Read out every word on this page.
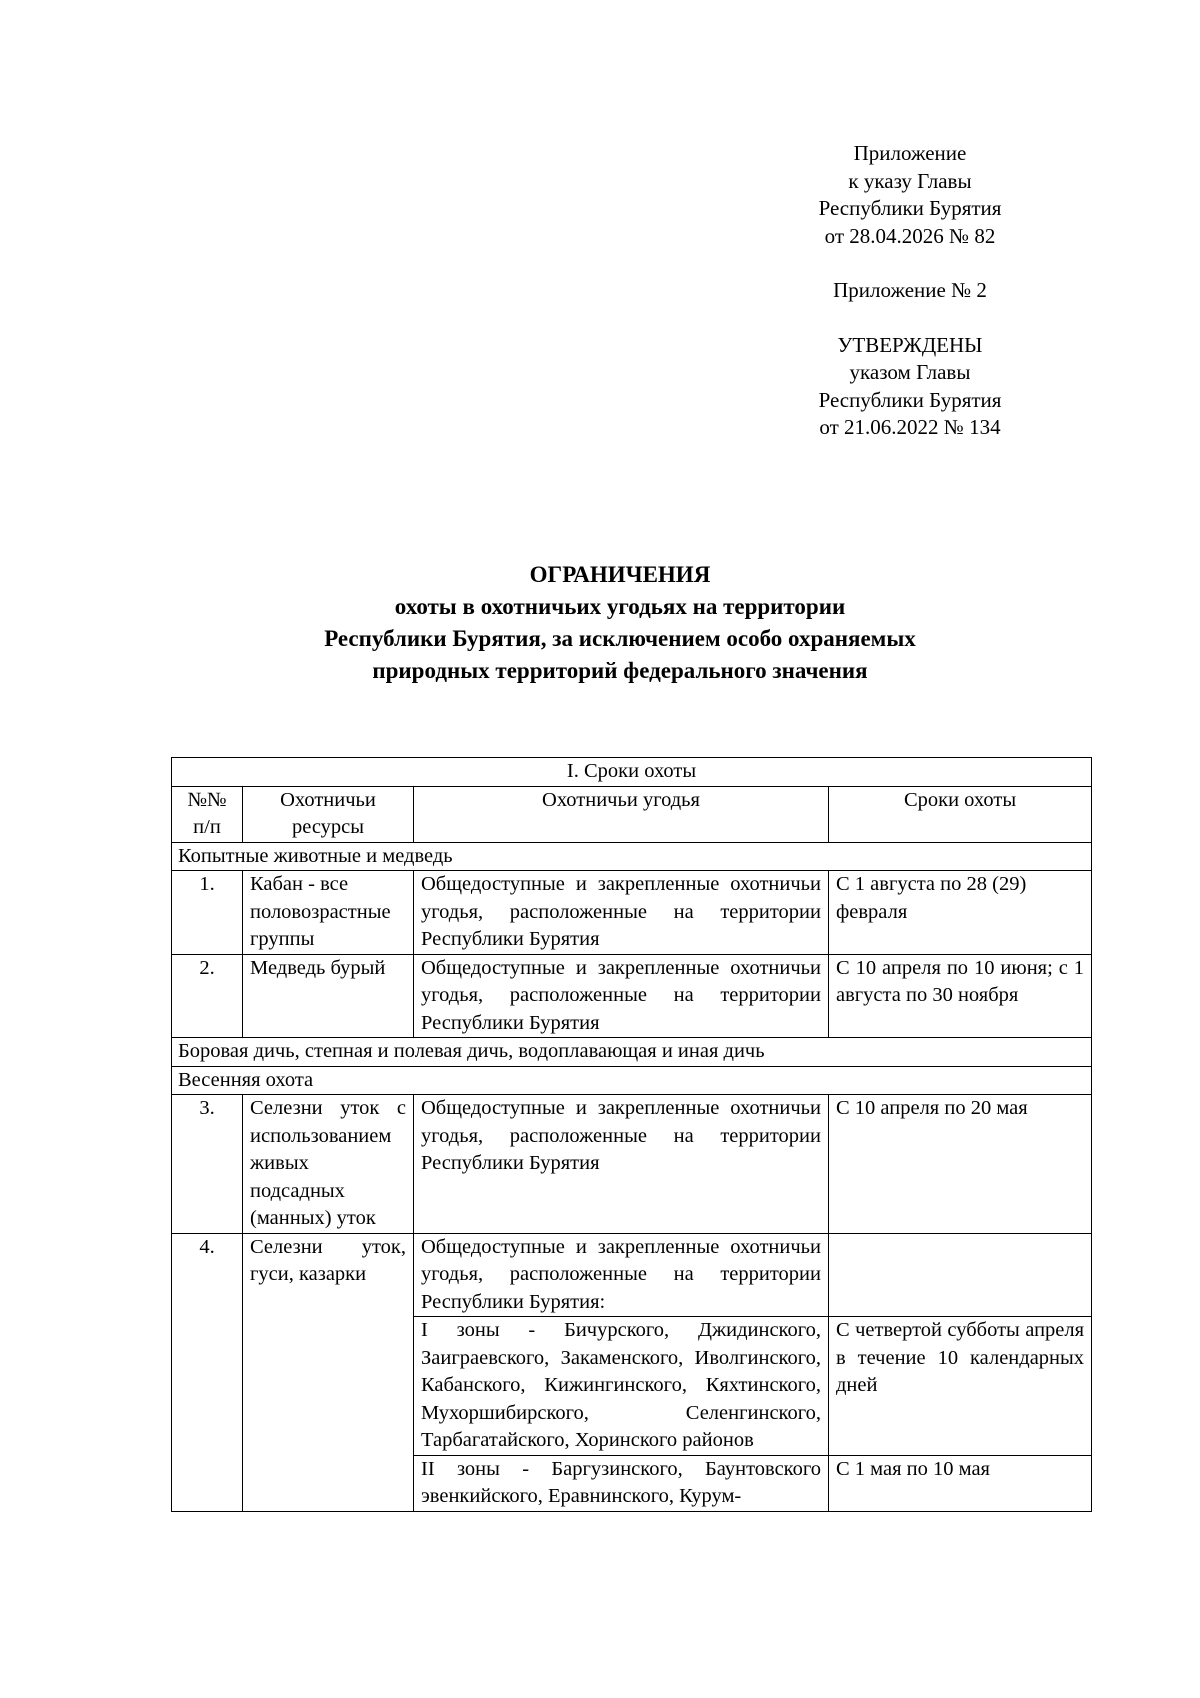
Приложение

к указу Главы

Республики Бурятия

от 28.04.2026 № 82

Приложение № 2

УТВЕРЖДЕНЫ

указом Главы

Республики Бурятия

от 21.06.2022 № 134

ОГРАНИЧЕНИЯ
охоты в охотничьих угодьях на территории
Республики Бурятия, за исключением особо охраняемых
природных территорий федерального значения
I. Сроки охоты			
№№ п/п	Охотничьи ресурсы	Охотничьи угодья	Сроки охоты
Копытные животные и медведь			
1.	Кабан - все половозрастные группы	Общедоступные и закрепленные охотничьи угодья, расположенные на территории Республики Бурятия	С 1 августа по 28 (29) февраля
2.	Медведь бурый	Общедоступные и закрепленные охотничьи угодья, расположенные на территории Республики Бурятия	С 10 апреля по 10 июня; с 1 августа по 30 ноября
Боровая дичь, степная и полевая дичь, водоплавающая и иная дичь			
Весенняя охота			
3.	Селезни уток с использованием живых подсадных (манных) уток	Общедоступные и закрепленные охотничьи угодья, расположенные на территории Республики Бурятия	С 10 апреля по 20 мая
4.	Селезни уток, гуси, казарки	Общедоступные и закрепленные охотничьи угодья, расположенные на территории Республики Бурятия:	
		I зоны - Бичурского, Джидинского, Заиграевского, Закаменского, Иволгинского, Кабанского, Кижингинского, Кяхтинского, Мухоршибирского, Селенгинского, Тарбагатайского, Хоринского районов	С четвертой субботы апреля в течение 10 календарных дней
		II зоны - Баргузинского, Баунтовского эвенкийского, Еравнинского, Курум-	С 1 мая по 10 мая
